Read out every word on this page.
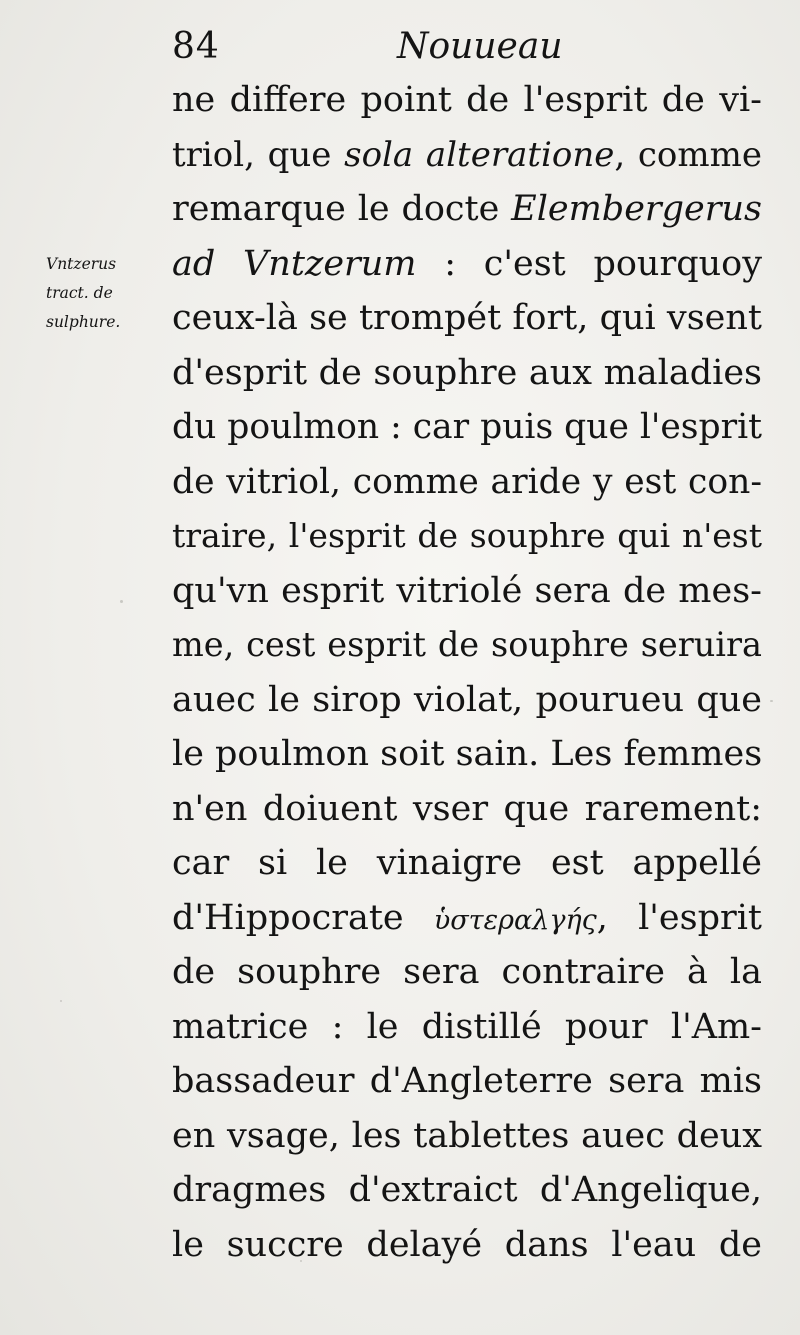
84	Nouueau
Vntzerus
tract. de
sulphure.
ne differe point de l'esprit de vi-
triol, que sola alteratione, comme
remarque le docte Elembergerus
ad Vntzerum : c'est pourquoy
ceux-là se trompét fort, qui vsent
d'esprit de souphre aux maladies
du poulmon : car puis que l'esprit
de vitriol, comme aride y est con-
traire, l'esprit de souphre qui n'est
qu'vn esprit vitriolé sera de mes-
me, cest esprit de souphre seruira
auec le sirop violat, pourueu que
le poulmon soit sain. Les femmes
n'en doiuent vser que rarement:
car si le vinaigre est appellé
d'Hippocrate ὑστεραλγής, l'esprit
de souphre sera contraire à la
matrice : le distillé pour l'Am-
bassadeur d'Angleterre sera mis
en vsage, les tablettes auec deux
dragmes d'extraict d'Angelique,
le succre delayé dans l'eau de
